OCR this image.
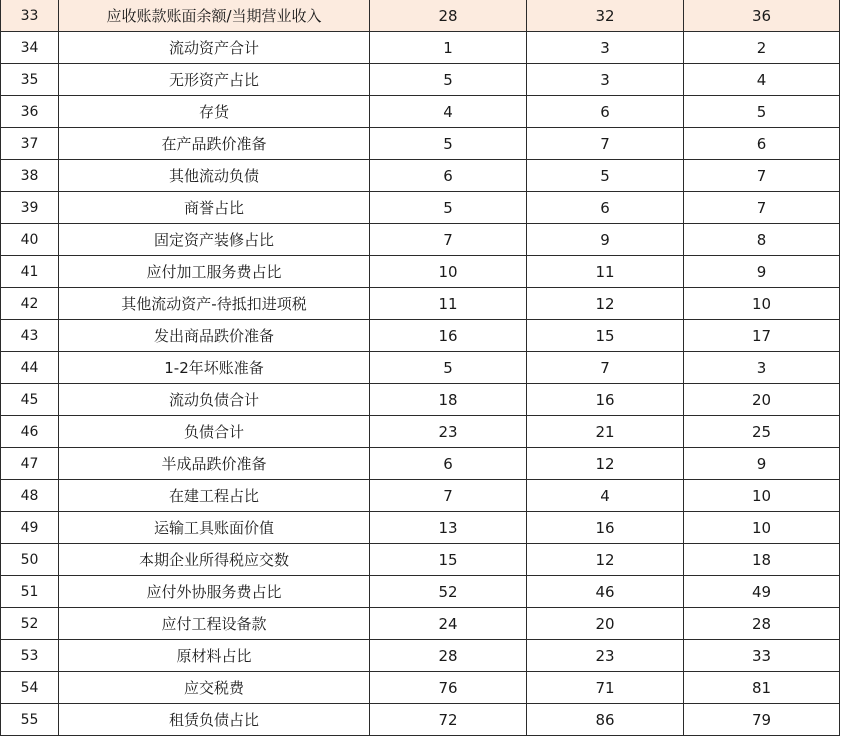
33	应收账款账面余额/当期营业收入	28	32	36
34	流动资产合计	1	3	2
35	无形资产占比	5	3	4
36	存货	4	6	5
37	在产品跌价准备	5	7	6
38	其他流动负债	6	5	7
39	商誉占比	5	6	7
40	固定资产装修占比	7	9	8
41	应付加工服务费占比	10	11	9
42	其他流动资产-待抵扣进项税	11	12	10
43	发出商品跌价准备	16	15	17
44	1-2年坏账准备	5	7	3
45	流动负债合计	18	16	20
46	负债合计	23	21	25
47	半成品跌价准备	6	12	9
48	在建工程占比	7	4	10
49	运输工具账面价值	13	16	10
50	本期企业所得税应交数	15	12	18
51	应付外协服务费占比	52	46	49
52	应付工程设备款	24	20	28
53	原材料占比	28	23	33
54	应交税费	76	71	81
55	租赁负债占比	72	86	79
